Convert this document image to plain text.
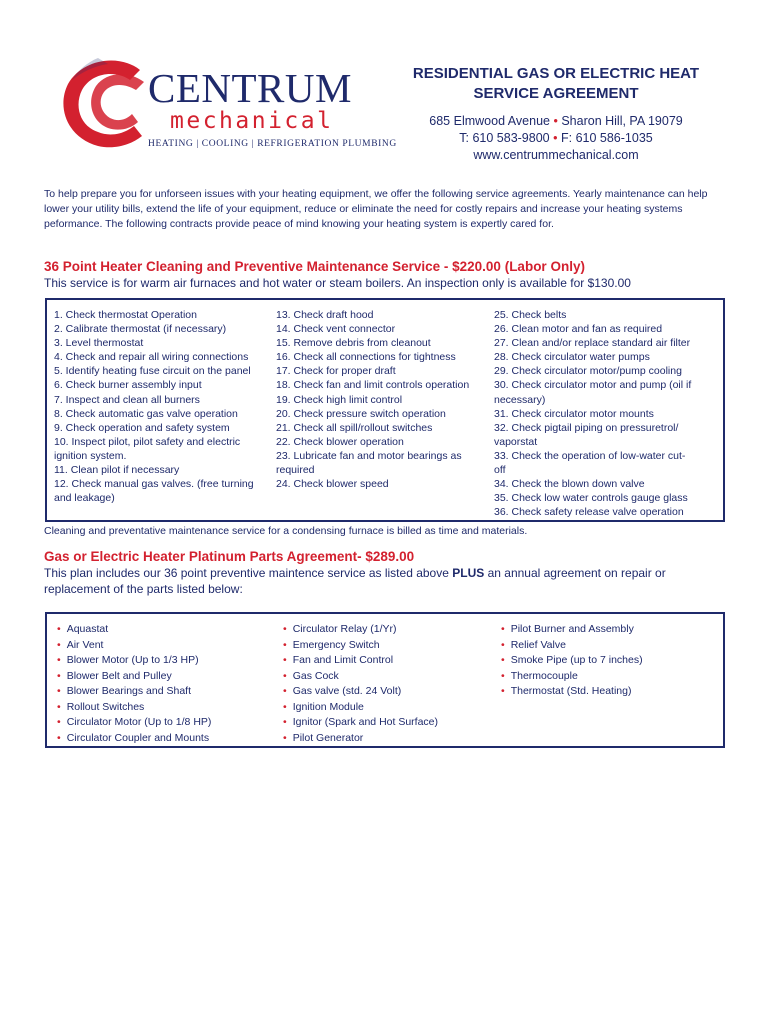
CENTRUM
mechanical
HEATING | COOLING | REFRIGERATION PLUMBING
RESIDENTIAL GAS OR ELECTRIC HEAT
SERVICE AGREEMENT
685 Elmwood Avenue • Sharon Hill, PA 19079
T: 610 583-9800 • F: 610 586-1035
www.centrummechanical.com
To help prepare you for unforseen issues with your heating equipment, we offer the following service agreements. Yearly maintenance can help lower your utility bills, extend the life of your equipment, reduce or eliminate the need for costly repairs and increase your heating systems peformance. The following contracts provide peace of mind knowing your heating system is expertly cared for.
36 Point Heater Cleaning and Preventive Maintenance Service - $220.00 (Labor Only)
This service is for warm air furnaces and hot water or steam boilers. An inspection only is available for $130.00
1. Check thermostat Operation
2. Calibrate thermostat (if necessary)
3. Level thermostat
4. Check and repair all wiring connections
5. Identify heating fuse circuit on the panel
6. Check burner assembly input
7. Inspect and clean all burners
8. Check automatic gas valve operation
9. Check operation and safety system
10. Inspect pilot, pilot safety and electric
ignition system.
11. Clean pilot if necessary
12. Check manual gas valves. (free turning
and leakage)
13. Check draft hood
14. Check vent connector
15. Remove debris from cleanout
16. Check all connections for tightness
17. Check for proper draft
18. Check fan and limit controls operation
19. Check high limit control
20. Check pressure switch operation
21. Check all spill/rollout switches
22. Check blower operation
23. Lubricate fan and motor bearings as
required
24. Check blower speed
25. Check belts
26. Clean motor and fan as required
27. Clean and/or replace standard air filter
28. Check circulator water pumps
29. Check circulator motor/pump cooling
30. Check circulator motor and pump (oil if
necessary)
31. Check circulator motor mounts
32. Check pigtail piping on pressuretrol/
vaporstat
33. Check the operation of low-water cut-
off
34. Check the blown down valve
35. Check low water controls gauge glass
36. Check safety release valve operation
Cleaning and preventative maintenance service for a condensing furnace is billed as time and materials.
Gas or Electric Heater Platinum Parts Agreement- $289.00
This plan includes our 36 point preventive maintence service as listed above PLUS an annual agreement on repair or replacement of the parts listed below:
• Aquastat
• Air Vent
• Blower Motor (Up to 1/3 HP)
• Blower Belt and Pulley
• Blower Bearings and Shaft
• Rollout Switches
• Circulator Motor (Up to 1/8 HP)
• Circulator Coupler and Mounts
• Circulator Relay (1/Yr)
• Emergency Switch
• Fan and Limit Control
• Gas Cock
• Gas valve (std. 24 Volt)
• Ignition Module
• Ignitor (Spark and Hot Surface)
• Pilot Generator
• Pilot Burner and Assembly
• Relief Valve
• Smoke Pipe (up to 7 inches)
• Thermocouple
• Thermostat (Std. Heating)
